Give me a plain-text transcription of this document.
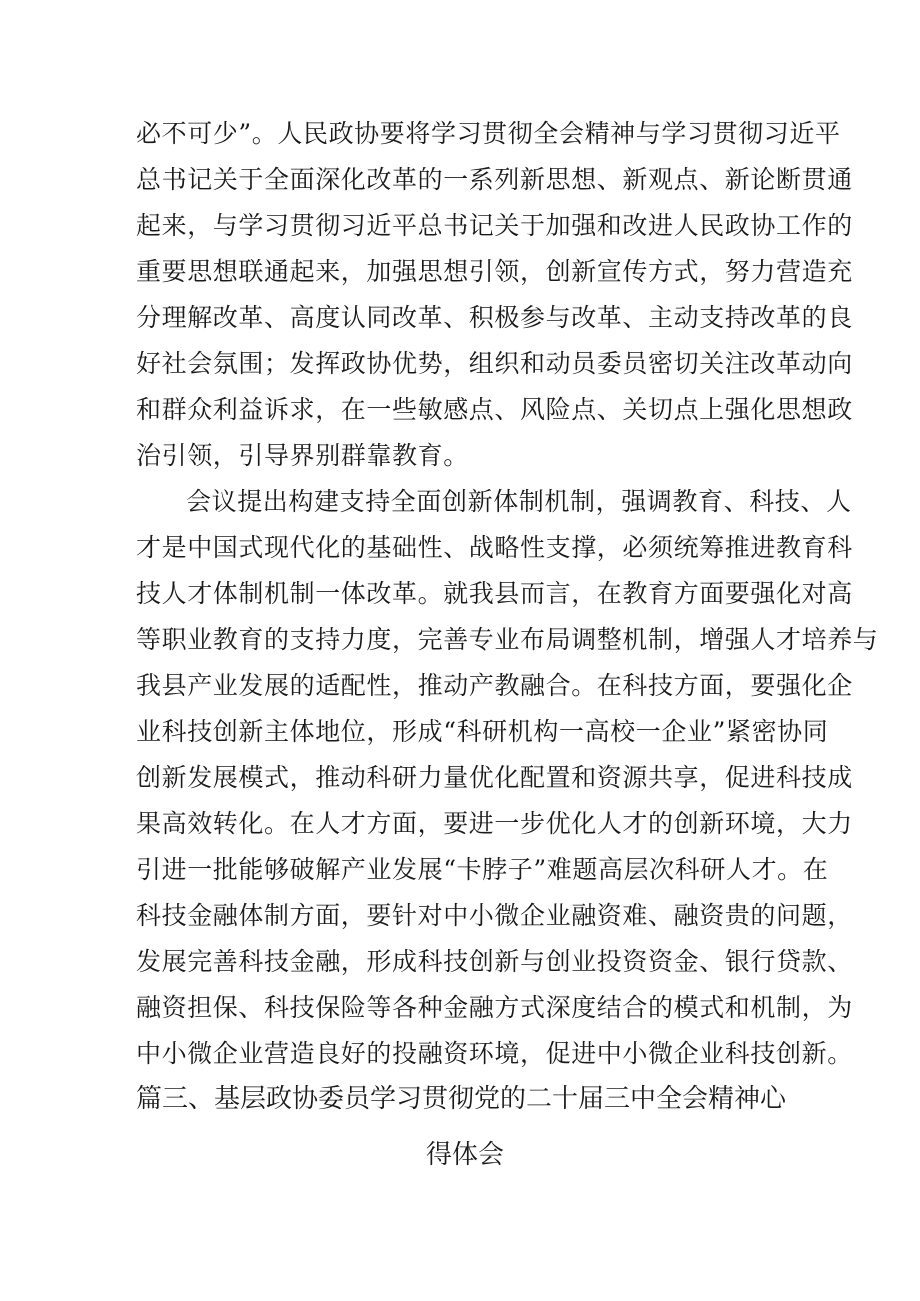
必不可少”。人民政协要将学习贯彻全会精神与学习贯彻习近平
总书记关于全面深化改革的一系列新思想、新观点、新论断贯通
起来，与学习贯彻习近平总书记关于加强和改进人民政协工作的
重要思想联通起来，加强思想引领，创新宣传方式，努力营造充
分理解改革、高度认同改革、积极参与改革、主动支持改革的良
好社会氛围；发挥政协优势，组织和动员委员密切关注改革动向
和群众利益诉求，在一些敏感点、风险点、关切点上强化思想政
治引领，引导界别群靠教育。
会议提出构建支持全面创新体制机制，强调教育、科技、人
才是中国式现代化的基础性、战略性支撑，必须统筹推进教育科
技人才体制机制一体改革。就我县而言，在教育方面要强化对高
等职业教育的支持力度，完善专业布局调整机制，增强人才培养与
我县产业发展的适配性，推动产教融合。在科技方面，要强化企
业科技创新主体地位，形成“科研机构一高校一企业”紧密协同
创新发展模式，推动科研力量优化配置和资源共享，促进科技成
果高效转化。在人才方面，要进一步优化人才的创新环境，大力
引进一批能够破解产业发展“卡脖子”难题高层次科研人才。在
科技金融体制方面，要针对中小微企业融资难、融资贵的问题，
发展完善科技金融，形成科技创新与创业投资资金、银行贷款、
融资担保、科技保险等各种金融方式深度结合的模式和机制，为
中小微企业营造良好的投融资环境，促进中小微企业科技创新。
篇三、基层政协委员学习贯彻党的二十届三中全会精神心
得体会
